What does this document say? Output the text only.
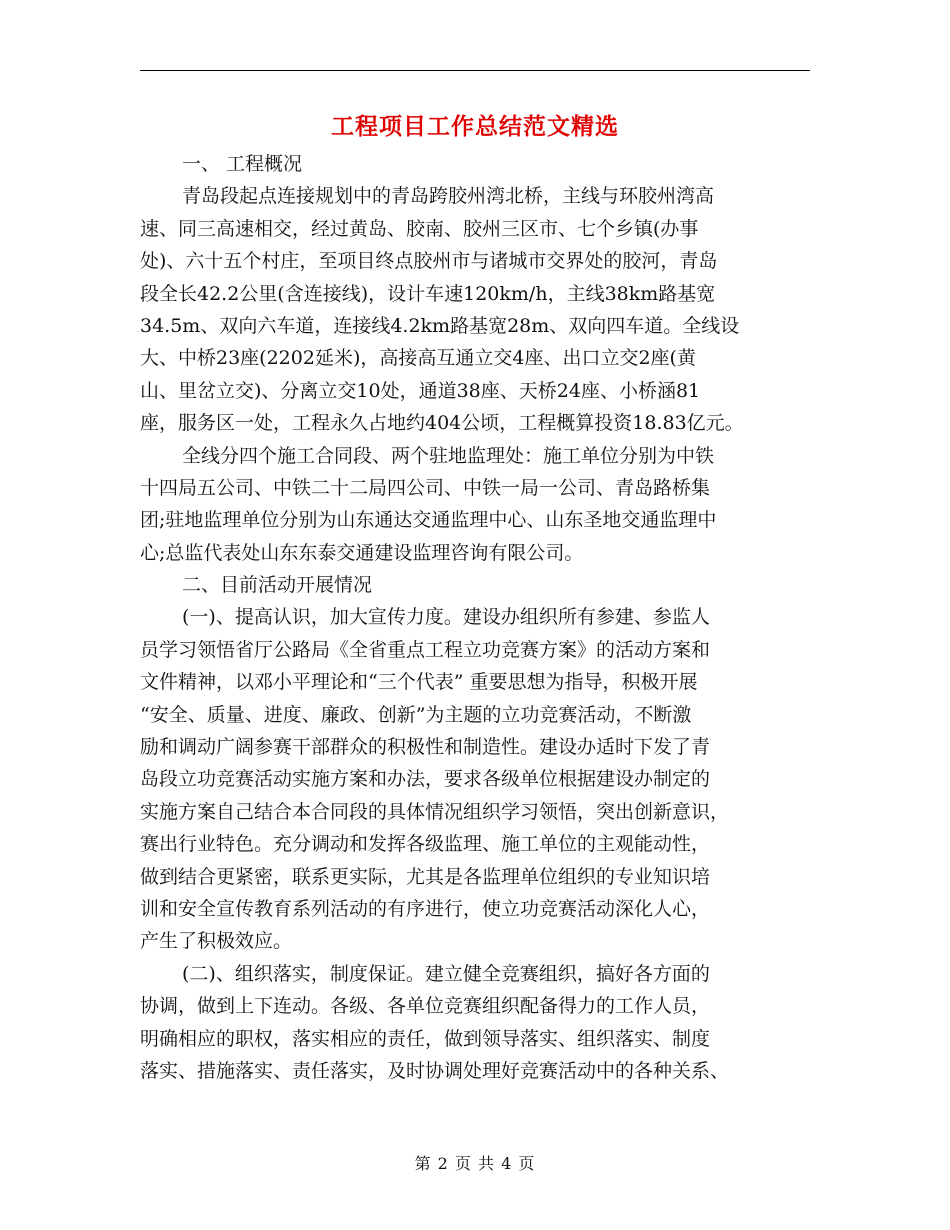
工程项目工作总结范文精选
一、 工程概况
青岛段起点连接规划中的青岛跨胶州湾北桥，主线与环胶州湾高
速、同三高速相交，经过黄岛、胶南、胶州三区市、七个乡镇(办事
处)、六十五个村庄，至项目终点胶州市与诸城市交界处的胶河，青岛
段全长42.2公里(含连接线)，设计车速120km/h，主线38km路基宽
34.5m、双向六车道，连接线4.2km路基宽28m、双向四车道。全线设
大、中桥23座(2202延米)，高接高互通立交4座、出口立交2座(黄
山、里岔立交)、分离立交10处，通道38座、天桥24座、小桥涵81
座，服务区一处，工程永久占地约404公顷，工程概算投资18.83亿元。
全线分四个施工合同段、两个驻地监理处：施工单位分别为中铁
十四局五公司、中铁二十二局四公司、中铁一局一公司、青岛路桥集
团;驻地监理单位分别为山东通达交通监理中心、山东圣地交通监理中
心;总监代表处山东东泰交通建设监理咨询有限公司。
二、目前活动开展情况
(一)、提高认识，加大宣传力度。建设办组织所有参建、参监人
员学习领悟省厅公路局《全省重点工程立功竞赛方案》的活动方案和
文件精神，以邓小平理论和“三个代表” 重要思想为指导，积极开展
“安全、质量、进度、廉政、创新”为主题的立功竞赛活动，不断激
励和调动广阔参赛干部群众的积极性和制造性。建设办适时下发了青
岛段立功竞赛活动实施方案和办法，要求各级单位根据建设办制定的
实施方案自己结合本合同段的具体情况组织学习领悟，突出创新意识，
赛出行业特色。充分调动和发挥各级监理、施工单位的主观能动性，
做到结合更紧密，联系更实际，尤其是各监理单位组织的专业知识培
训和安全宣传教育系列活动的有序进行，使立功竞赛活动深化人心，
产生了积极效应。
(二)、组织落实，制度保证。建立健全竞赛组织，搞好各方面的
协调，做到上下连动。各级、各单位竞赛组织配备得力的工作人员，
明确相应的职权，落实相应的责任，做到领导落实、组织落实、制度
落实、措施落实、责任落实，及时协调处理好竞赛活动中的各种关系、
第 2 页 共 4 页
